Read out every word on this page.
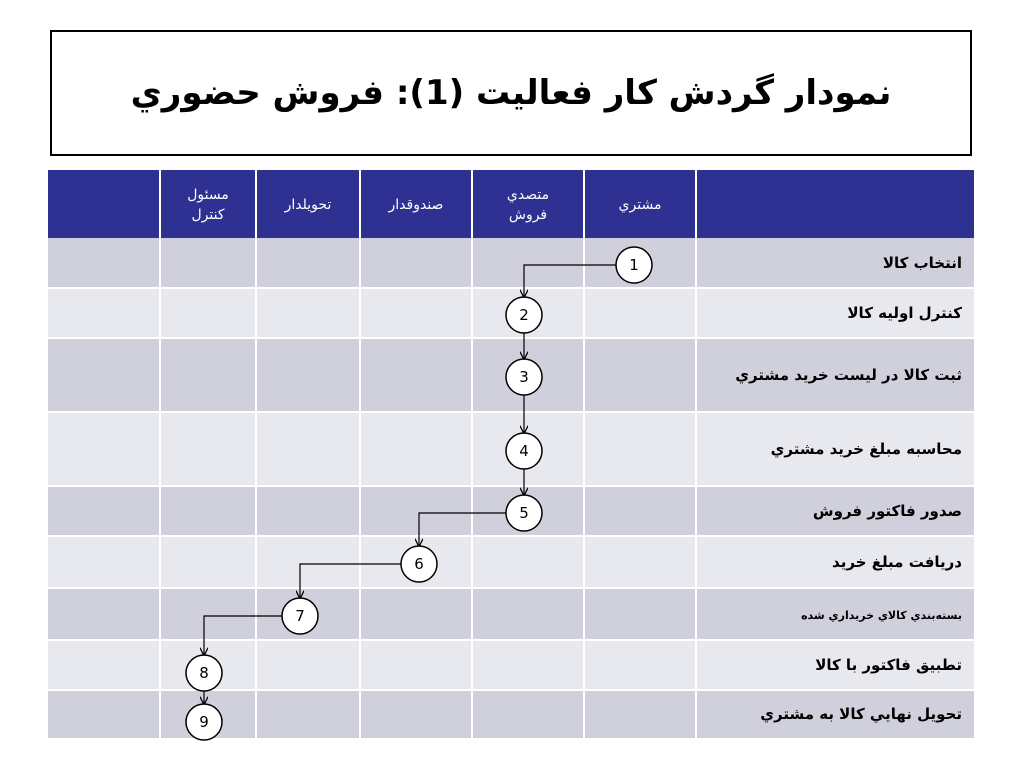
نمودار گردش کار فعاليت (1): فروش حضوري
مسئول
کنترل
تحويلدار	صندوقدار
متصدي
فروش
مشتري
انتخاب کالا
کنترل اوليه کالا
ثبت کالا در ليست خريد مشتري
محاسبه مبلغ خريد مشتري
صدور فاکتور فروش
دريافت مبلغ خريد
بسته‌بندي کالاي خريداري شده
تطبيق فاکتور با کالا
تحويل نهايي کالا به مشتري
1
2
3
4
5
6
7
8
9
